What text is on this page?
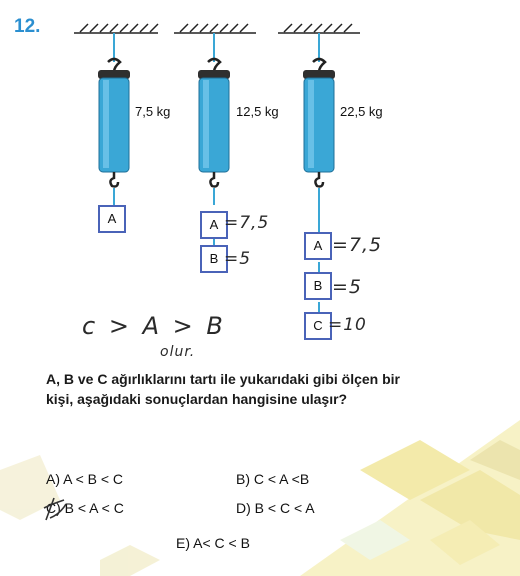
12.
7,5 kg	12,5 kg	22,5 kg
A	A
B
A
B
C
=7,5
=5
=7,5
=5
=10
c > A > B
olur.
A, B ve C ağırlıklarını tartı ile yukarıdaki gibi ölçen bir kişi, aşağıdaki sonuçlardan hangisine ulaşır?
A) A < B < C	B) C < A <B
C) B < A < C	D) B < C < A
E) A< C < B
